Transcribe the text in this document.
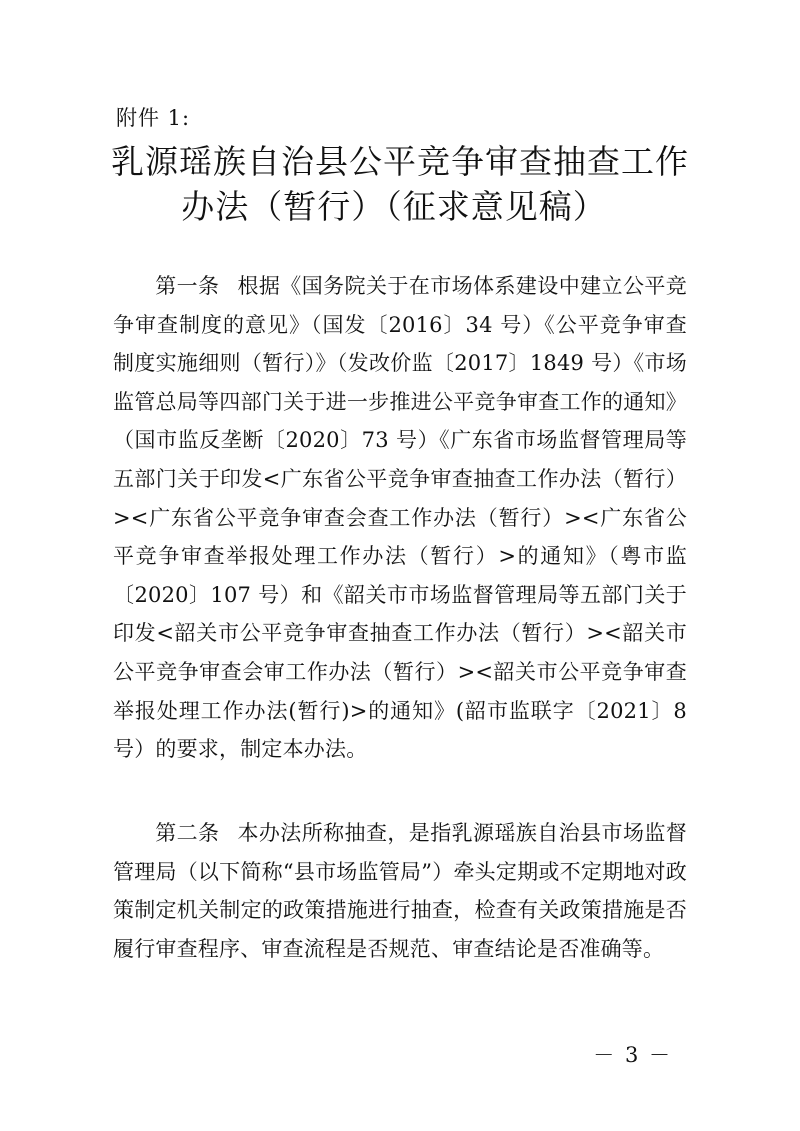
附件 1:
乳源瑶族自治县公平竞争审查抽查工作
办法（暂行）（征求意见稿）
第一条 根据《国务院关于在市场体系建设中建立公平竞争审查制度的意见》（国发〔2016〕34 号）《公平竞争审查制度实施细则（暂行）》（发改价监〔2017〕1849 号）《市场监管总局等四部门关于进一步推进公平竞争审查工作的通知》（国市监反垄断〔2020〕73 号）《广东省市场监督管理局等五部门关于印发<广东省公平竞争审查抽查工作办法（暂行）><广东省公平竞争审查会查工作办法（暂行）><广东省公平竞争审查举报处理工作办法（暂行）>的通知》（粤市监〔2020〕107 号）和《韶关市市场监督管理局等五部门关于印发<韶关市公平竞争审查抽查工作办法（暂行）><韶关市公平竞争审查会审工作办法（暂行）><韶关市公平竞争审查举报处理工作办法(暂行)>的通知》(韶市监联字〔2021〕8 号）的要求，制定本办法。
第二条 本办法所称抽查，是指乳源瑶族自治县市场监督管理局（以下简称“县市场监管局”）牵头定期或不定期地对政策制定机关制定的政策措施进行抽查，检查有关政策措施是否履行审查程序、审查流程是否规范、审查结论是否准确等。
－ 3 －
